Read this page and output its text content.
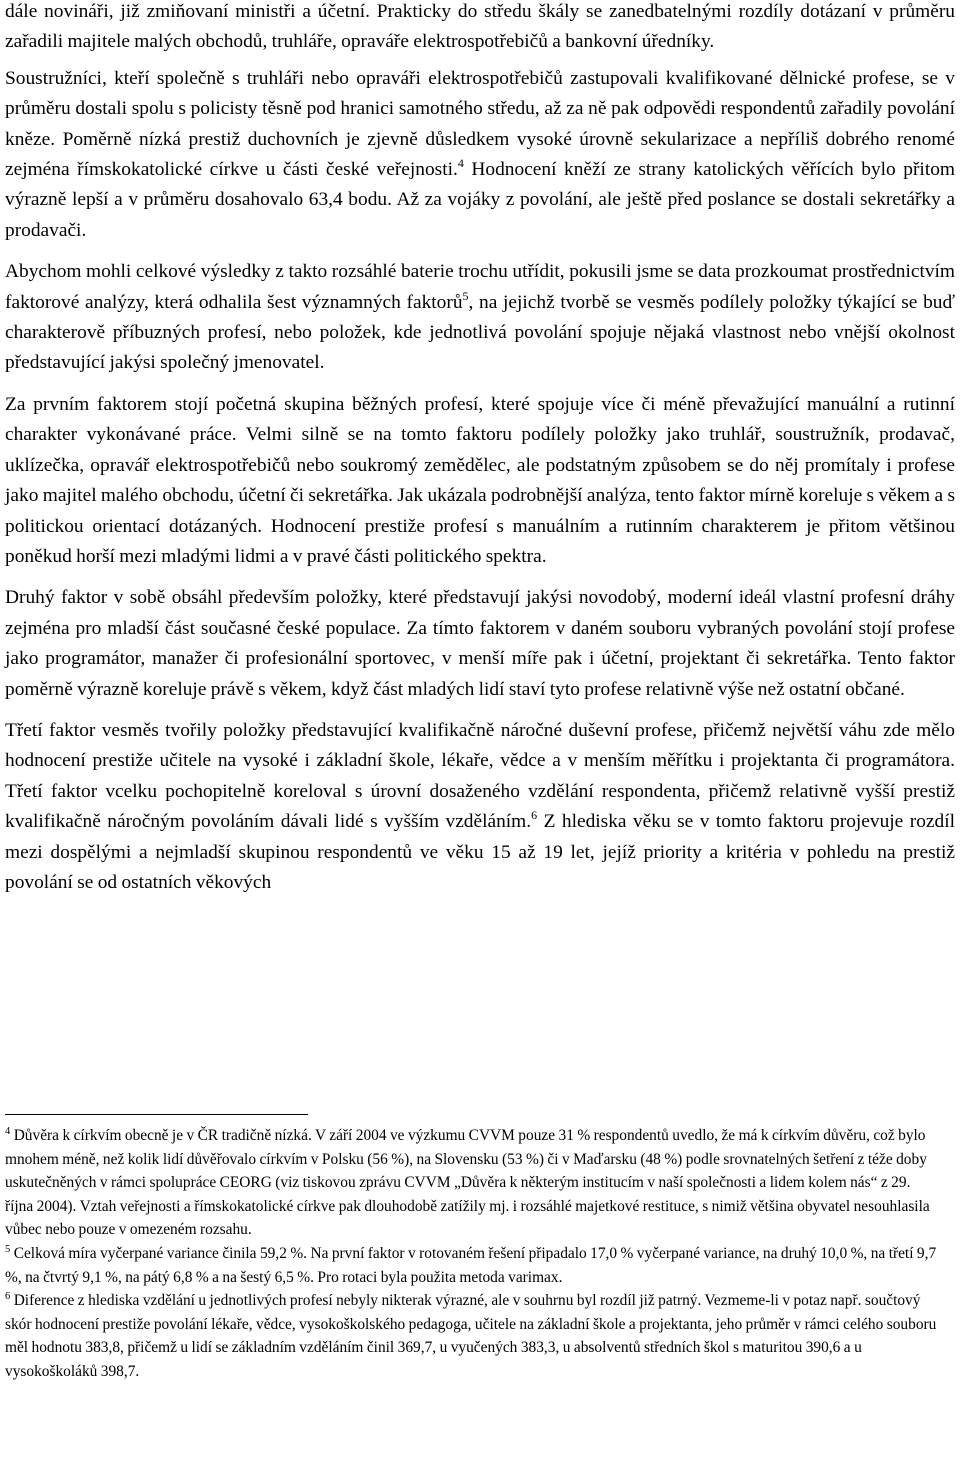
dále novináři, již zmiňovaní ministři a účetní. Prakticky do středu škály se zanedbatelnými rozdíly dotázaní v průměru zařadili majitele malých obchodů, truhláře, opraváře elektrospotřebičů a bankovní úředníky.

Soustružníci, kteří společně s truhláři nebo opraváři elektrospotřebičů zastupovali kvalifikované dělnické profese, se v průměru dostali spolu s policisty těsně pod hranici samotného středu, až za ně pak odpovědi respondentů zařadily povolání kněze. Poměrně nízká prestiž duchovních je zjevně důsledkem vysoké úrovně sekularizace a nepříliš dobrého renomé zejména římskokatolické církve u části české veřejnosti.$^4$ Hodnocení kněží ze strany katolických věřících bylo přitom výrazně lepší a v průměru dosahovalo 63,4 bodu. Až za vojáky z povolání, ale ještě před poslance se dostali sekretářky a prodavači.

Abychom mohli celkové výsledky z takto rozsáhlé baterie trochu utřídit, pokusili jsme se data prozkoumat prostřednictvím faktorové analýzy, která odhalila šest významných faktorů$^5$, na jejichž tvorbě se vesměs podílely položky týkající se buď charakterově příbuzných profesí, nebo položek, kde jednotlivá povolání spojuje nějaká vlastnost nebo vnější okolnost představující jakýsi společný jmenovatel.

Za prvním faktorem stojí početná skupina běžných profesí, které spojuje více či méně převažující manuální a rutinní charakter vykonávané práce. Velmi silně se na tomto faktoru podílely položky jako truhlář, soustružník, prodavač, uklízečka, opravář elektrospotřebičů nebo soukromý zemědělec, ale podstatným způsobem se do něj promítaly i profese jako majitel malého obchodu, účetní či sekretářka. Jak ukázala podrobnější analýza, tento faktor mírně koreluje s věkem a s politickou orientací dotázaných. Hodnocení prestiže profesí s manuálním a rutinním charakterem je přitom většinou poněkud horší mezi mladými lidmi a v pravé části politického spektra.

Druhý faktor v sobě obsáhl především položky, které představují jakýsi novodobý, moderní ideál vlastní profesní dráhy zejména pro mladší část současné české populace. Za tímto faktorem v daném souboru vybraných povolání stojí profese jako programátor, manažer či profesionální sportovec, v menší míře pak i účetní, projektant či sekretářka. Tento faktor poměrně výrazně koreluje právě s věkem, když část mladých lidí staví tyto profese relativně výše než ostatní občané.

Třetí faktor vesměs tvořily položky představující kvalifikačně náročné duševní profese, přičemž největší váhu zde mělo hodnocení prestiže učitele na vysoké i základní škole, lékaře, vědce a v menším měřítku i projektanta či programátora. Třetí faktor vcelku pochopitelně koreloval s úrovní dosaženého vzdělání respondenta, přičemž relativně vyšší prestiž kvalifikačně náročným povoláním dávali lidé s vyšším vzděláním.$^6$ Z hlediska věku se v tomto faktoru projevuje rozdíl mezi dospělými a nejmladší skupinou respondentů ve věku 15 až 19 let, jejíž priority a kritéria v pohledu na prestiž povolání se od ostatních věkových

$^4$ Důvěra k církvím obecně je v ČR tradičně nízká. V září 2004 ve výzkumu CVVM pouze 31 % respondentů uvedlo, že má k církvím důvěru, což bylo mnohem méně, než kolik lidí důvěřovalo církvím v Polsku (56 %), na Slovensku (53 %) či v Maďarsku (48 %) podle srovnatelných šetření z téže doby uskutečněných v rámci spolupráce CEORG (viz tiskovou zprávu CVVM „Důvěra k některým institucím v naší společnosti a lidem kolem nás“ z 29. října 2004). Vztah veřejnosti a římskokatolické církve pak dlouhodobě zatížily mj. i rozsáhlé majetkové restituce, s nimiž většina obyvatel nesouhlasila vůbec nebo pouze v omezeném rozsahu.

$^5$ Celková míra vyčerpané variance činila 59,2 %. Na první faktor v rotovaném řešení připadalo 17,0 % vyčerpané variance, na druhý 10,0 %, na třetí 9,7 %, na čtvrtý 9,1 %, na pátý 6,8 % a na šestý 6,5 %. Pro rotaci byla použita metoda varimax.

$^6$ Diference z hlediska vzdělání u jednotlivých profesí nebyly nikterak výrazné, ale v souhrnu byl rozdíl již patrný. Vezmeme-li v potaz např. součtový skór hodnocení prestiže povolání lékaře, vědce, vysokoškolského pedagoga, učitele na základní škole a projektanta, jeho průměr v rámci celého souboru měl hodnotu 383,8, přičemž u lidí se základním vzděláním činil 369,7, u vyučených 383,3, u absolventů středních škol s maturitou 390,6 a u vysokoškoláků 398,7.
